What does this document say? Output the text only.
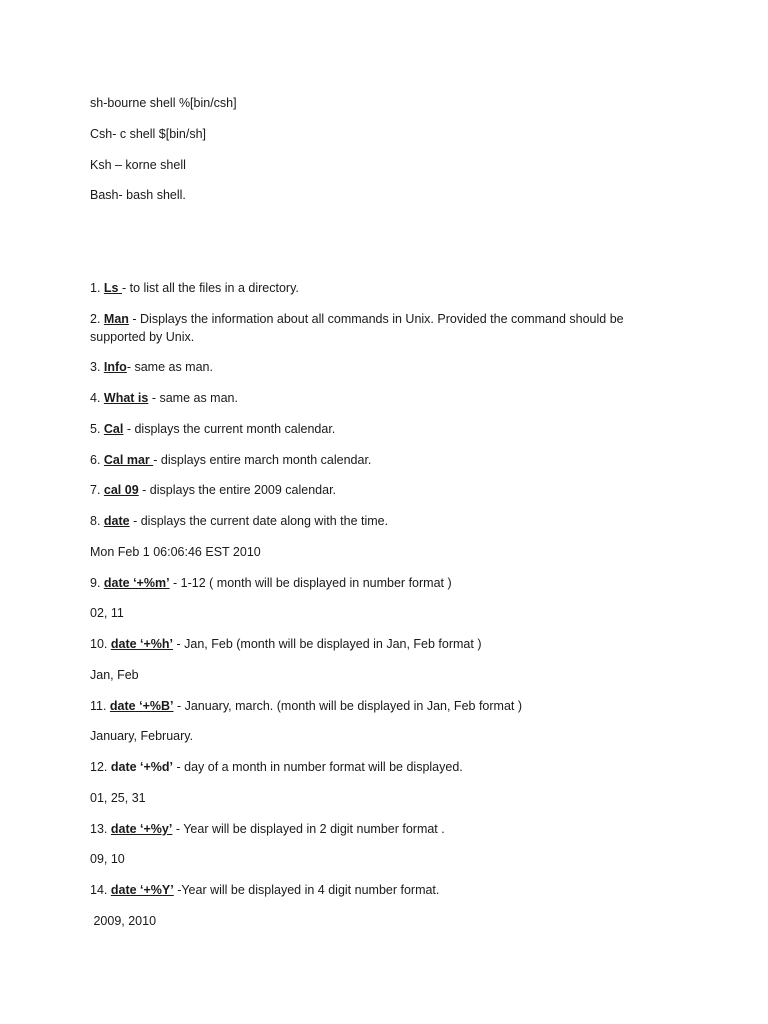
sh-bourne shell %[bin/csh]
Csh- c shell $[bin/sh]
Ksh – korne shell
Bash- bash shell.
1. Ls - to list all the files in a directory.
2. Man - Displays the information about all commands in Unix. Provided the command should be supported by Unix.
3. Info- same as man.
4. What is - same as man.
5. Cal - displays the current month calendar.
6. Cal mar - displays entire march month calendar.
7. cal 09 - displays the entire 2009 calendar.
8. date - displays the current date along with the time.
Mon Feb 1 06:06:46 EST 2010
9. date ‘+%m’ - 1-12 ( month will be displayed in number format )
02, 11
10. date ‘+%h’ - Jan, Feb (month will be displayed in Jan, Feb format )
Jan, Feb
11. date ‘+%B’ - January, march. (month will be displayed in Jan, Feb format )
January, February.
12. date ‘+%d’ - day of a month in number format will be displayed.
01, 25, 31
13. date ‘+%y’ - Year will be displayed in 2 digit number format .
09, 10
14. date ‘+%Y’ -Year will be displayed in 4 digit number format.
2009, 2010
